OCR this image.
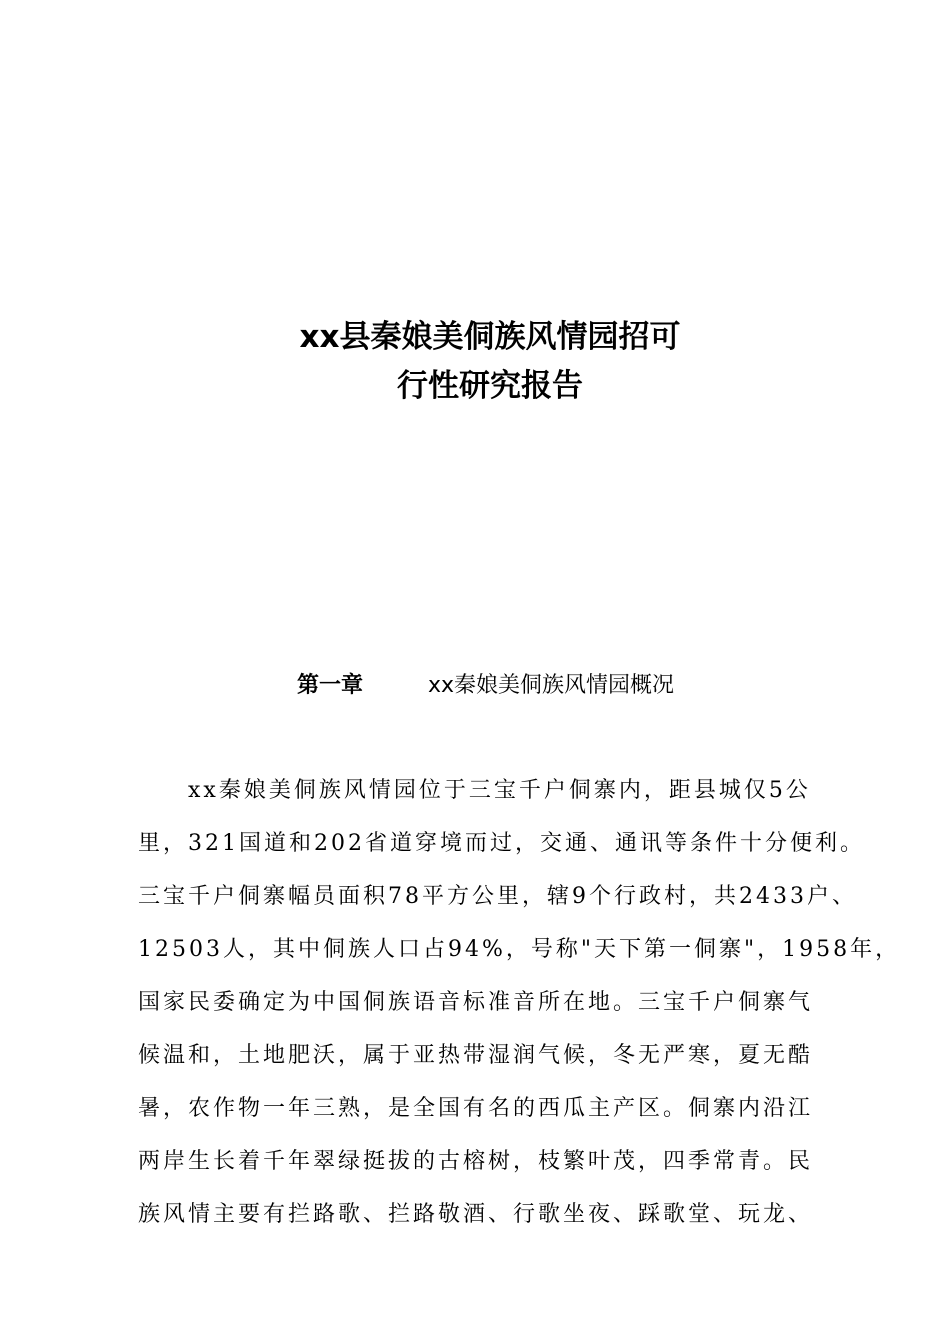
xx县秦娘美侗族风情园招可
行性研究报告
第一章	xx秦娘美侗族风情园概况
xx秦娘美侗族风情园位于三宝千户侗寨内，距县城仅5公
里，321国道和202省道穿境而过，交通、通讯等条件十分便利。
三宝千户侗寨幅员面积78平方公里，辖9个行政村，共2433户、
12503人，其中侗族人口占94%，号称"天下第一侗寨"，1958年，
国家民委确定为中国侗族语音标准音所在地。三宝千户侗寨气
候温和，土地肥沃，属于亚热带湿润气候，冬无严寒，夏无酷
暑，农作物一年三熟，是全国有名的西瓜主产区。侗寨内沿江
两岸生长着千年翠绿挺拔的古榕树，枝繁叶茂，四季常青。民
族风情主要有拦路歌、拦路敬酒、行歌坐夜、踩歌堂、玩龙、
